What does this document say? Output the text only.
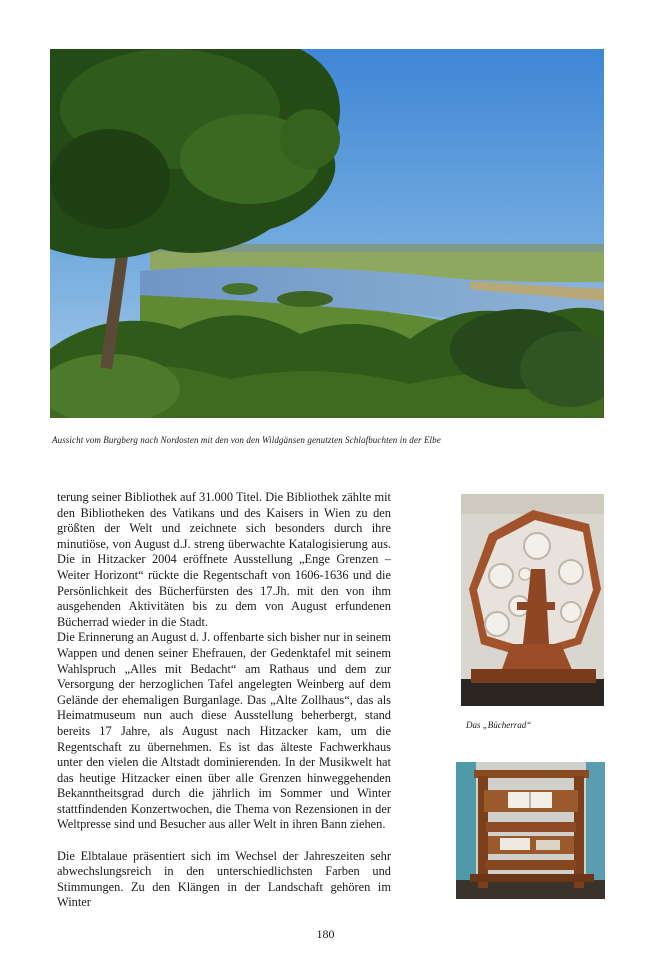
Aussicht vom Burgberg nach Nordosten mit den von den Wildgänsen genutzten Schlafbuchten in der Elbe

terung seiner Bibliothek auf 31.000 Titel. Die Bibliothek zählte mit den Bibliotheken des Vatikans und des Kaisers in Wien zu den größten der Welt und zeichnete sich besonders durch ihre minutiöse, von August d.J. streng überwachte Katalogisierung aus. Die in Hitzacker 2004 eröffnete Ausstellung „Enge Grenzen – Weiter Horizont“ rückte die Regentschaft von 1606-1636 und die Persönlichkeit des Bücherfürsten des 17.Jh. mit den von ihm ausgehenden Aktivitäten bis zu dem von August erfundenen Bücherrad wieder in die Stadt.

Die Erinnerung an August d. J. offenbarte sich bisher nur in seinem Wappen und denen seiner Ehefrauen, der Gedenktafel mit seinem Wahlspruch „Alles mit Bedacht“ am Rathaus und dem zur Versorgung der herzoglichen Tafel angelegten Weinberg auf dem Gelände der ehemaligen Burganlage. Das „Alte Zollhaus“, das als Heimatmuseum nun auch diese Ausstellung beherbergt, stand bereits 17 Jahre, als August nach Hitzacker kam, um die Regentschaft zu übernehmen. Es ist das älteste Fachwerkhaus unter den vielen die Altstadt dominierenden. In der Musikwelt hat das heutige Hitzacker einen über alle Grenzen hinweggehenden Bekanntheitsgrad durch die jährlich im Sommer und Winter stattfindenden Konzertwochen, die Thema von Rezensionen in der Weltpresse sind und Besucher aus aller Welt in ihren Bann ziehen.

Die Elbtalaue präsentiert sich im Wechsel der Jahreszeiten sehr abwechslungsreich in den unterschiedlichsten Farben und Stimmungen. Zu den Klängen in der Landschaft gehören im Winter

Das „Bücherrad“
180
